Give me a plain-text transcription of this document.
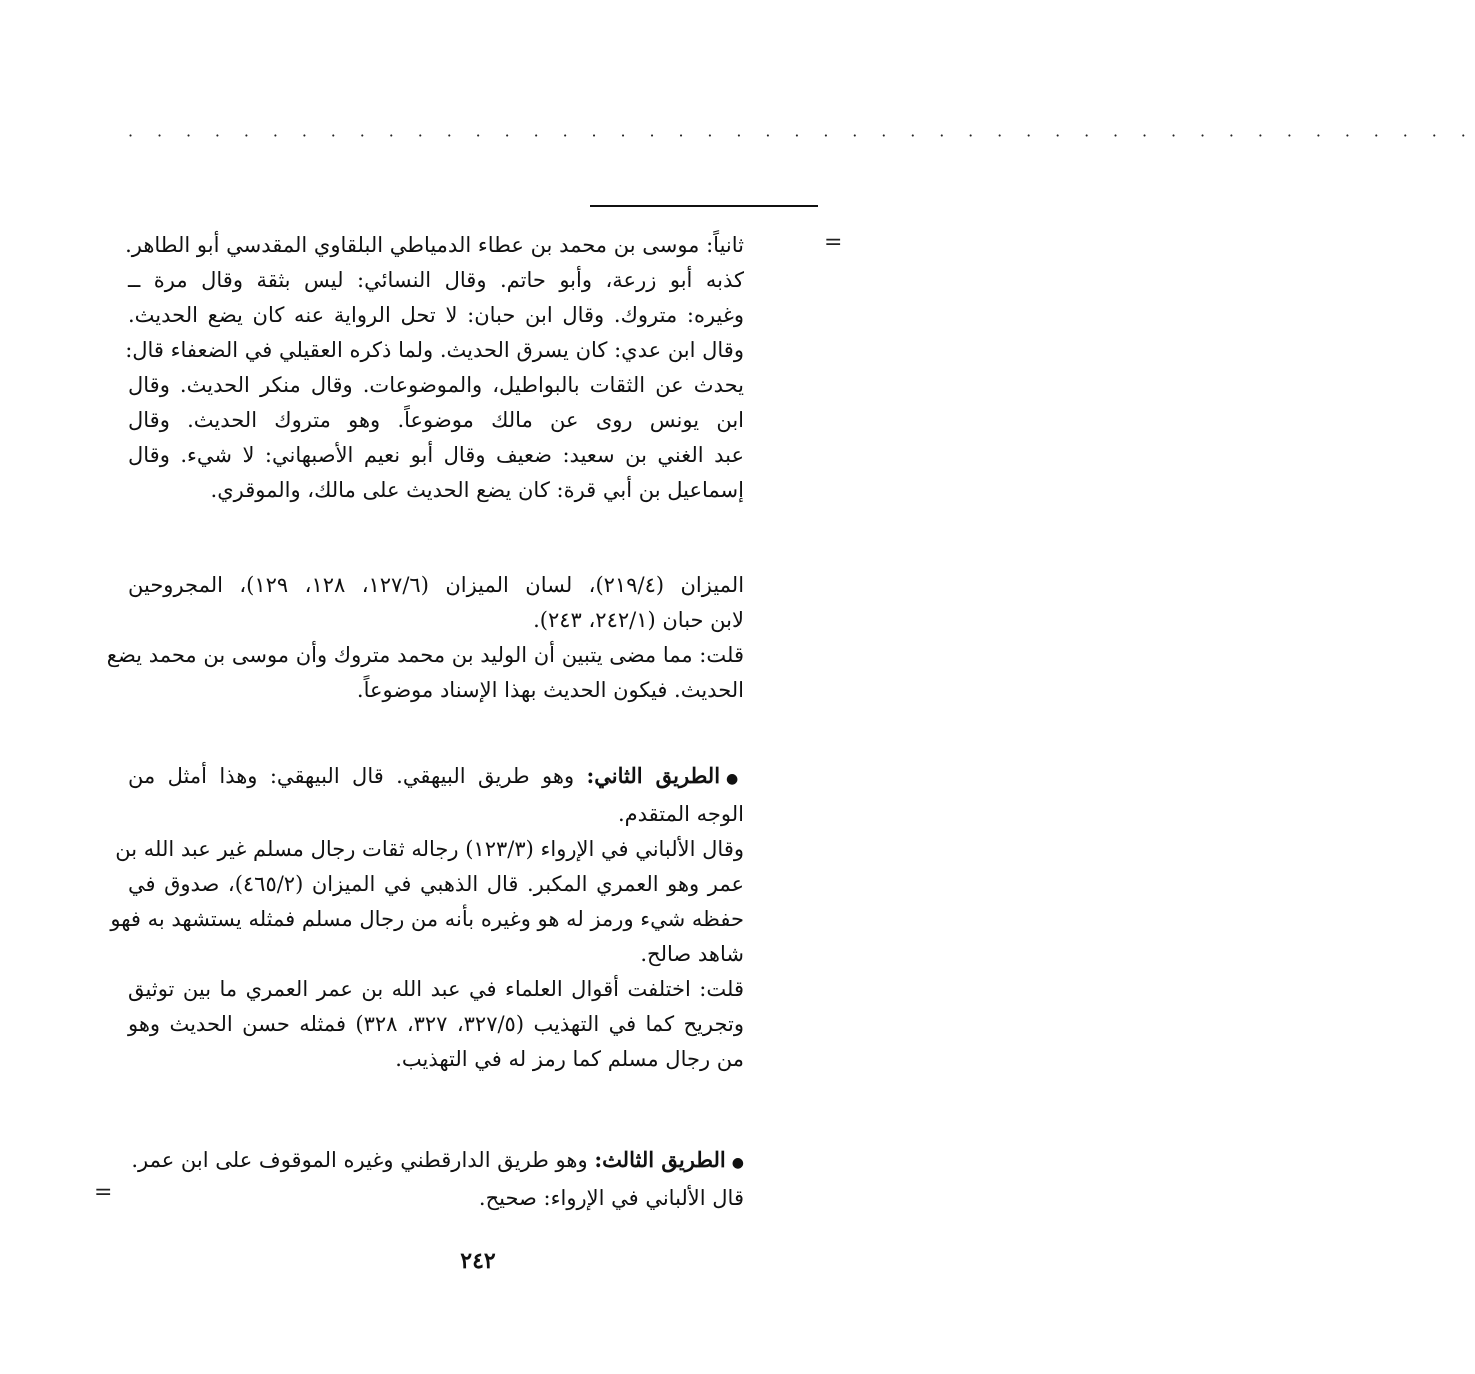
· · · · · · · · · · · · · · · · · · · · · · · · · · · · · · · · · · · · · · · · · · · · · · ·
=
ثانياً: موسى بن محمد بن عطاء الدمياطي البلقاوي المقدسي أبو الطاهر.
كذبه أبو زرعة، وأبو حاتم. وقال النسائي: ليس بثقة وقال مرة ــ
وغيره: متروك. وقال ابن حبان: لا تحل الرواية عنه كان يضع الحديث.
وقال ابن عدي: كان يسرق الحديث. ولما ذكره العقيلي في الضعفاء قال:
يحدث عن الثقات بالبواطيل، والموضوعات. وقال منكر الحديث. وقال
ابن يونس روى عن مالك موضوعاً. وهو متروك الحديث. وقال
عبد الغني بن سعيد: ضعيف وقال أبو نعيم الأصبهاني: لا شيء. وقال
إسماعيل بن أبي قرة: كان يضع الحديث على مالك، والموقري.
الميزان (٢١٩/٤)، لسان الميزان (١٢٧/٦، ١٢٨، ١٢٩)، المجروحين
لابن حبان (٢٤٢/١، ٢٤٣).
قلت: مما مضى يتبين أن الوليد بن محمد متروك وأن موسى بن محمد يضع
الحديث. فيكون الحديث بهذا الإسناد موضوعاً.
●الطريق الثاني: وهو طريق البيهقي. قال البيهقي: وهذا أمثل من
الوجه المتقدم.
وقال الألباني في الإرواء (١٢٣/٣) رجاله ثقات رجال مسلم غير عبد الله بن
عمر وهو العمري المكبر. قال الذهبي في الميزان (٤٦٥/٢)، صدوق في
حفظه شيء ورمز له هو وغيره بأنه من رجال مسلم فمثله يستشهد به فهو
شاهد صالح.
قلت: اختلفت أقوال العلماء في عبد الله بن عمر العمري ما بين توثيق
وتجريح كما في التهذيب (٣٢٧/٥، ٣٢٧، ٣٢٨) فمثله حسن الحديث وهو
من رجال مسلم كما رمز له في التهذيب.
●الطريق الثالث: وهو طريق الدارقطني وغيره الموقوف على ابن عمر.
قال الألباني في الإرواء: صحيح.
=
٢٤٢
